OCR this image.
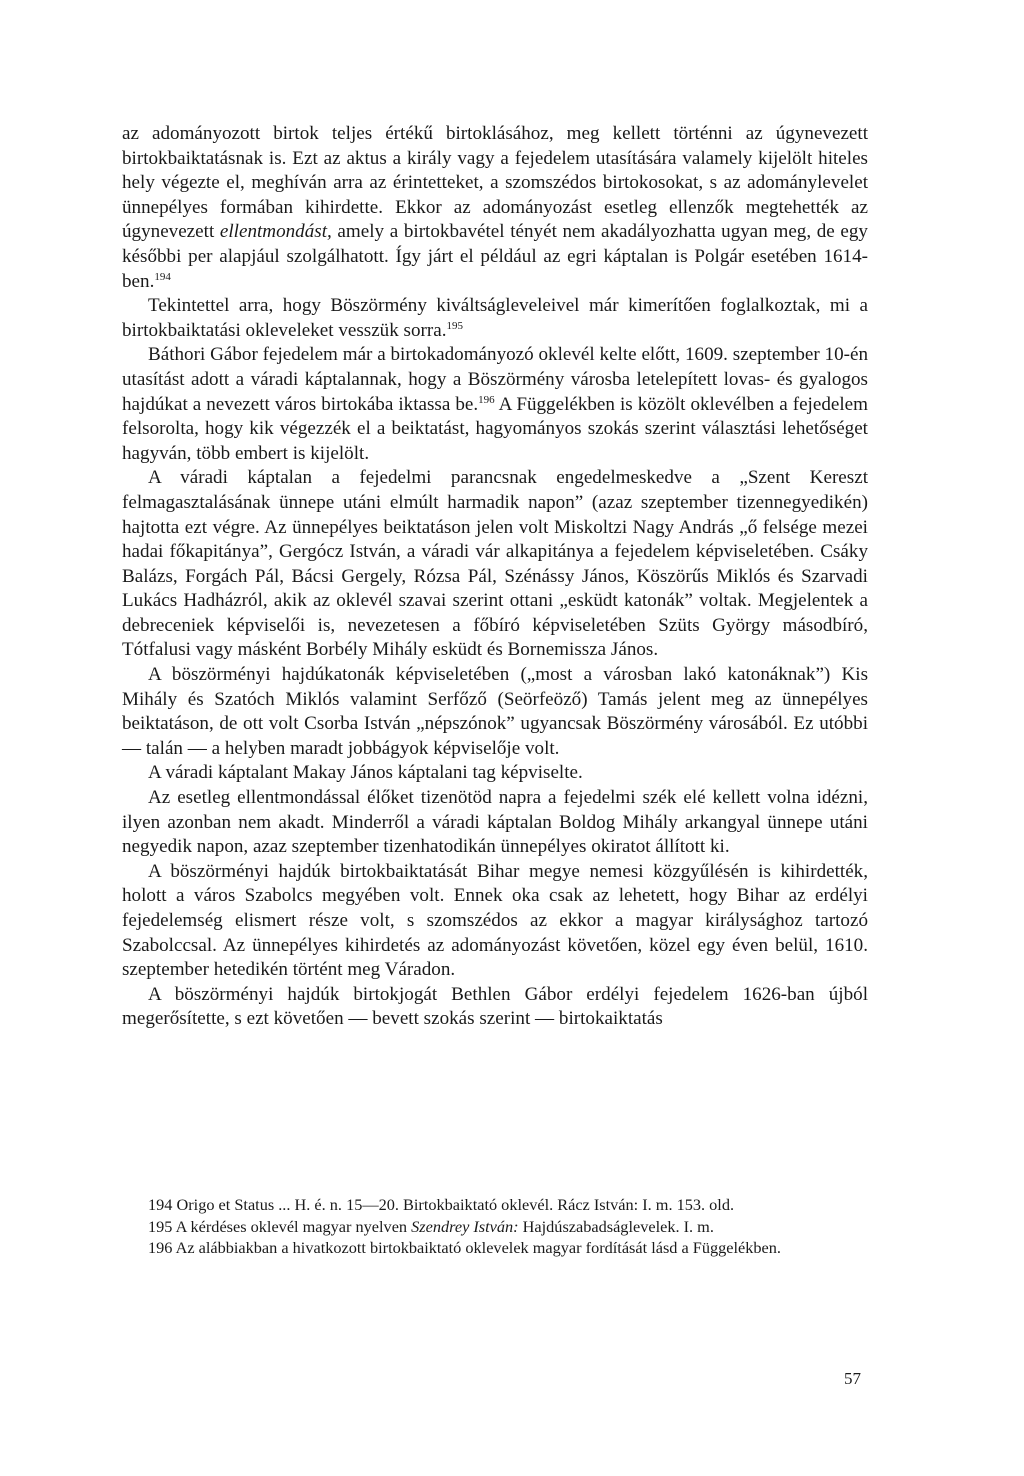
az adományozott birtok teljes értékű birtoklásához, meg kellett történni az úgynevezett birtokbaiktatásnak is. Ezt az aktus a király vagy a fejedelem utasítására valamely kijelölt hiteles hely végezte el, meghíván arra az érintetteket, a szomszédos birtokosokat, s az adománylevelet ünnepélyes formában kihirdette. Ekkor az adományozást esetleg ellenzők megtehették az úgynevezett ellentmondást, amely a birtokbavétel tényét nem akadályozhatta ugyan meg, de egy későbbi per alapjául szolgálhatott. Így járt el például az egri káptalan is Polgár esetében 1614-ben.$^{194}$

Tekintettel arra, hogy Böszörmény kiváltságleveleivel már kimerítően foglalkoztak, mi a birtokbaiktatási okleveleket vesszük sorra.$^{195}$

Báthori Gábor fejedelem már a birtokadományozó oklevél kelte előtt, 1609. szeptember 10-én utasítást adott a váradi káptalannak, hogy a Böszörmény városba letelepített lovas- és gyalogos hajdúkat a nevezett város birtokába iktassa be.$^{196}$ A Függelékben is közölt oklevélben a fejedelem felsorolta, hogy kik végezzék el a beiktatást, hagyományos szokás szerint választási lehetőséget hagyván, több embert is kijelölt.

A váradi káptalan a fejedelmi parancsnak engedelmeskedve a „Szent Kereszt felmagasztalásának ünnepe utáni elmúlt harmadik napon” (azaz szeptember tizennegyedikén) hajtotta ezt végre. Az ünnepélyes beiktatáson jelen volt Miskoltzi Nagy András „ő felsége mezei hadai főkapitánya”, Gergócz István, a váradi vár alkapitánya a fejedelem képviseletében. Csáky Balázs, Forgách Pál, Bácsi Gergely, Rózsa Pál, Szénássy János, Köszörűs Miklós és Szarvadi Lukács Hadházról, akik az oklevél szavai szerint ottani „esküdt katonák” voltak. Megjelentek a debreceniek képviselői is, nevezetesen a főbíró képviseletében Szüts György másodbíró, Tótfalusi vagy másként Borbély Mihály esküdt és Bornemissza János.

A böszörményi hajdúkatonák képviseletében („most a városban lakó katonáknak”) Kis Mihály és Szatóch Miklós valamint Serfőző (Seörfeöző) Tamás jelent meg az ünnepélyes beiktatáson, de ott volt Csorba István „népszónok” ugyancsak Böszörmény városából. Ez utóbbi — talán — a helyben maradt jobbágyok képviselője volt.

A váradi káptalant Makay János káptalani tag képviselte.

Az esetleg ellentmondással élőket tizenötöd napra a fejedelmi szék elé kellett volna idézni, ilyen azonban nem akadt. Minderről a váradi káptalan Boldog Mihály arkangyal ünnepe utáni negyedik napon, azaz szeptember tizenhatodikán ünnepélyes okiratot állított ki.

A böszörményi hajdúk birtokbaiktatását Bihar megye nemesi közgyűlésén is kihirdették, holott a város Szabolcs megyében volt. Ennek oka csak az lehetett, hogy Bihar az erdélyi fejedelemség elismert része volt, s szomszédos az ekkor a magyar királysághoz tartozó Szabolccsal. Az ünnepélyes kihirdetés az adományozást követően, közel egy éven belül, 1610. szeptember hetedikén történt meg Váradon.

A böszörményi hajdúk birtokjogát Bethlen Gábor erdélyi fejedelem 1626-ban újból megerősítette, s ezt követően — bevett szokás szerint — birtokaiktatás

194 Origo et Status ... H. é. n. 15—20. Birtokbaiktató oklevél. Rácz István: I. m. 153. old.

195 A kérdéses oklevél magyar nyelven Szendrey István: Hajdúszabadságlevelek. I. m.

196 Az alábbiakban a hivatkozott birtokbaiktató oklevelek magyar fordítását lásd a Függelékben.

57
